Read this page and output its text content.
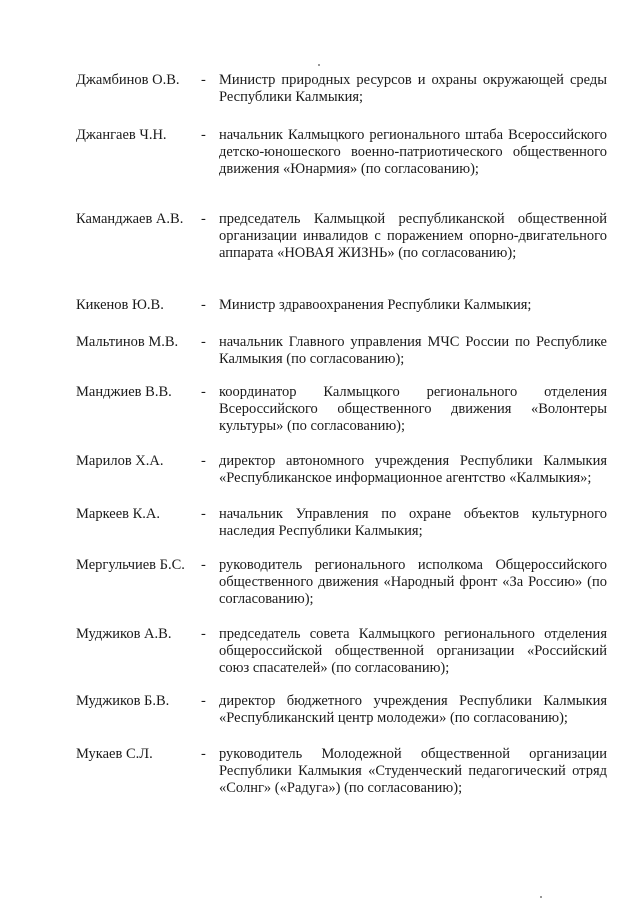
Джамбинов О.В. - Министр природных ресурсов и охраны окружающей среды Республики Калмыкия;
Джангаев Ч.Н. - начальник Калмыцкого регионального штаба Всероссийского детско-юношеского военно-патриотического общественного движения «Юнармия» (по согласованию);
Каманджаев А.В. - председатель Калмыцкой республиканской общественной организации инвалидов с поражением опорно-двигательного аппарата «НОВАЯ ЖИЗНЬ» (по согласованию);
Кикенов Ю.В.	- Министр здравоохранения Республики Калмыкия;
Мальтинов М.В. - начальник Главного управления МЧС России по Республике Калмыкия (по согласованию);
Манджиев В.В. - координатор Калмыцкого регионального отделения Всероссийского общественного движения «Волонтеры культуры» (по согласованию);
Марилов Х.А.	- директор автономного учреждения Республики Калмыкия «Республиканское информационное агентство «Калмыкия»;
Маркеев К.А.	- начальник Управления по охране объектов культурного наследия Республики Калмыкия;
Мергульчиев Б.С. - руководитель регионального исполкома Общероссийского общественного движения «Народный фронт «За Россию» (по согласованию);
Муджиков А.В. - председатель совета Калмыцкого регионального отделения общероссийской общественной организации «Российский союз спасателей» (по согласованию);
Муджиков Б.В. - директор бюджетного учреждения Республики Калмыкия «Республиканский центр молодежи» (по согласованию);
Мукаев С.Л.	- руководитель Молодежной общественной организации Республики Калмыкия «Студенческий педагогический отряд «Солнг» («Радуга») (по согласованию);
